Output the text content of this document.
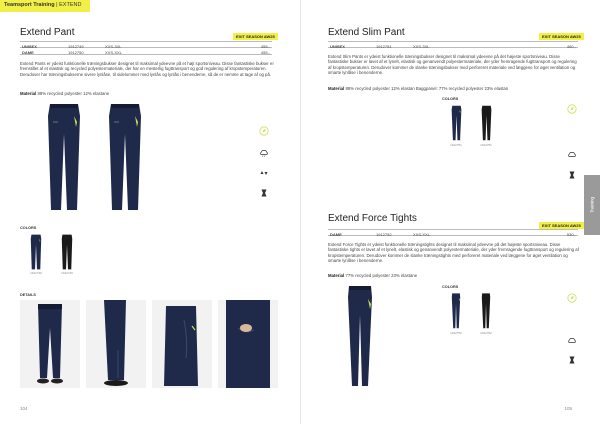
Teamsport Training | EXTEND
Extend Pant	EXIT SEASON AW25
UNISEX	1912749	XXS-3XL	455,-
DAME	1912750	XXS-XXL	455,-
Extend Pants er ydeist funktionelle træningsbukser designet til maksimal ydeevne på et højt sportsniveau. Disse fantastiske bukser er fremstillet af et elastisk og recycled polyestermateriale, der har en mesterlig fugttransport og god regulering af kropstemperaturen. Derudover har træningsbukserne sivere lynlåse, til sidelommer med lynlås og lynlås i benenderne, så de er nemme at tage af og på.
Material 88% recycled polyester 12% elastane
COLORS
1912749	1912749
DETAILS
104
Extend Slim Pant	EXIT SEASON AW25
UNISEX	1912751	XXS-3XL	460,-
Extend Slim Pants er ydeist funktionelle træningsbukser designet til maksimal ydeevne på det højeste sportsniveau. Disse fantastiske bukser er lavet af et lynelt, elastisk og genanvendt polyestermateriale, der yder fremragende fugttransport og regulering af kropstemperaturen. Derudover kommer de slanke træningsbukser med perforeret materiale ved læggene for øget ventilation og smarte lynlåse i benenderne.
Material 88% recycled polyester 12% elastan Baggpanel: 77% recycled polyester 23% elastan
COLORS
1912751	1912751
Extend Force Tights
EXIT SEASON AW25
DAME	1912752	XXS-XXL	530,-
Extend Force Tights er ydeist funktionelle træningstights designet til maksimal ydeevne på det højeste sportsniveau. Disse fantastiske tights er lavet af et lynelt, elastisk og genanvendt polyestermateriale, der yder fremragende fugttransport og regulering af kropstemperaturen. Derudover kommer de slanke træningstights med perforeret materiale ved læggene for øget ventilation og smarte lynlåse i benenderne.
Material 77% recycled polyester 23% elastane
COLORS
1912752	1912752
105
Training
